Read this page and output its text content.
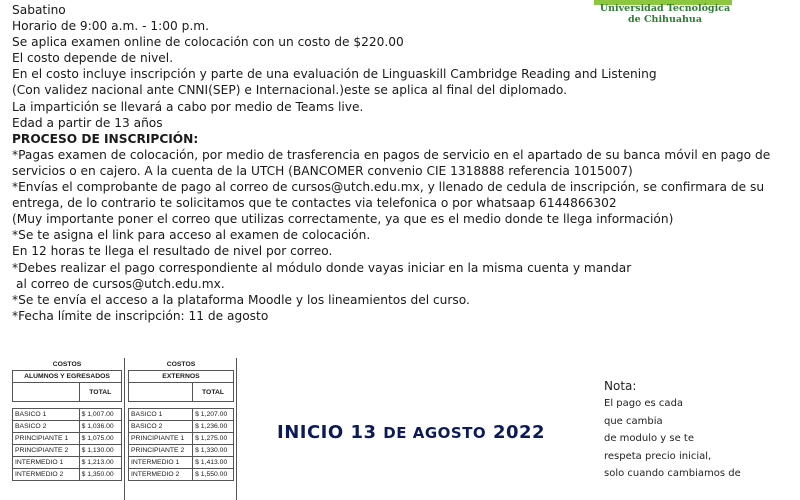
Universidad Tecnológica
de Chihuahua
Sabatino
Horario de 9:00 a.m. - 1:00 p.m.
Se aplica examen online de colocación con un costo de $220.00
El costo depende de nivel.
En el costo incluye inscripción y parte de una evaluación de Linguaskill Cambridge Reading and Listening
(Con validez nacional ante CNNI(SEP) e Internacional.)este se aplica al final del diplomado.
La impartición se llevará a cabo por medio de Teams live.
Edad a partir de 13 años
PROCESO DE INSCRIPCIÓN:
*Pagas examen de colocación, por medio de trasferencia en pagos de servicio en el apartado de su banca móvil en pago de
servicios o en cajero. A la cuenta de la UTCH (BANCOMER convenio CIE 1318888 referencia 1015007)
*Envías el comprobante de pago al correo de cursos@utch.edu.mx, y llenado de cedula de inscripción, se confirmara de su
entrega, de lo contrario te solicitamos que te contactes via telefonica o por whatsaap 6144866302
(Muy importante poner el correo que utilizas correctamente, ya que es el medio donde te llega información)
*Se te asigna el link para acceso al examen de colocación.
En 12 horas te llega el resultado de nivel por correo.
*Debes realizar el pago correspondiente al módulo donde vayas iniciar en la misma cuenta y mandar
al correo de cursos@utch.edu.mx.
*Se te envía el acceso a la plataforma Moodle y los lineamientos del curso.
*Fecha límite de inscripción: 11 de agosto
COSTOS	
ALUMNOS Y EGRESADOS	
	TOTAL

BASICO 1	$ 1,007.00
BASICO 2	$ 1,036.00
PRINCIPIANTE 1	$ 1,075.00
PRINCIPIANTE 2	$ 1,130.00
INTERMEDIO 1	$ 1,213.00
INTERMEDIO 2	$ 1,350.00
COSTOS	
EXTERNOS	
	TOTAL

BASICO 1	$ 1,207.00
BASICO 2	$ 1,236.00
PRINCIPIANTE 1	$ 1,275.00
PRINCIPIANTE 2	$ 1,330.00
INTERMEDIO 1	$ 1,413.00
INTERMEDIO 2	$ 1,550.00
INICIO 13 DE AGOSTO 2022
Nota:
El pago es cada
que cambia
de modulo y se te
respeta precio inicial,
solo cuando cambiamos de
